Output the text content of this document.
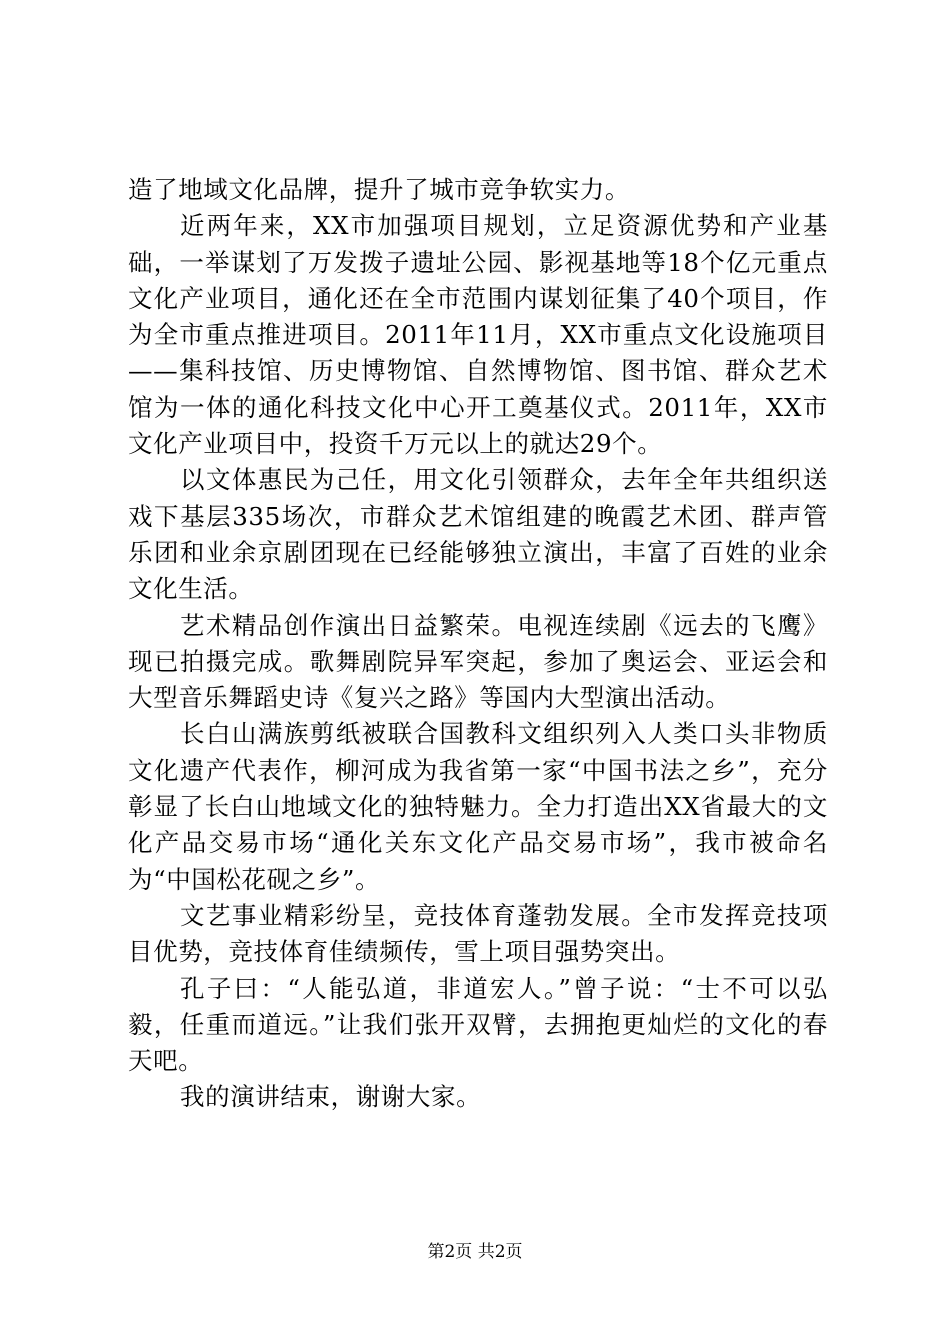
造了地域文化品牌，提升了城市竞争软实力。

近两年来，XX市加强项目规划，立足资源优势和产业基础，一举谋划了万发拨子遗址公园、影视基地等18个亿元重点文化产业项目，通化还在全市范围内谋划征集了40个项目，作为全市重点推进项目。2011年11月，XX市重点文化设施项目——集科技馆、历史博物馆、自然博物馆、图书馆、群众艺术馆为一体的通化科技文化中心开工奠基仪式。2011年，XX市文化产业项目中，投资千万元以上的就达29个。

以文体惠民为己任，用文化引领群众，去年全年共组织送戏下基层335场次，市群众艺术馆组建的晚霞艺术团、群声管乐团和业余京剧团现在已经能够独立演出，丰富了百姓的业余文化生活。

艺术精品创作演出日益繁荣。电视连续剧《远去的飞鹰》现已拍摄完成。歌舞剧院异军突起，参加了奥运会、亚运会和大型音乐舞蹈史诗《复兴之路》等国内大型演出活动。

长白山满族剪纸被联合国教科文组织列入人类口头非物质文化遗产代表作，柳河成为我省第一家“中国书法之乡”，充分彰显了长白山地域文化的独特魅力。全力打造出XX省最大的文化产品交易市场“通化关东文化产品交易市场”，我市被命名为“中国松花砚之乡”。

文艺事业精彩纷呈，竞技体育蓬勃发展。全市发挥竞技项目优势，竞技体育佳绩频传，雪上项目强势突出。

孔子曰：“人能弘道，非道宏人。”曾子说：“士不可以弘毅，任重而道远。”让我们张开双臂，去拥抱更灿烂的文化的春天吧。

我的演讲结束，谢谢大家。

第2页 共2页
